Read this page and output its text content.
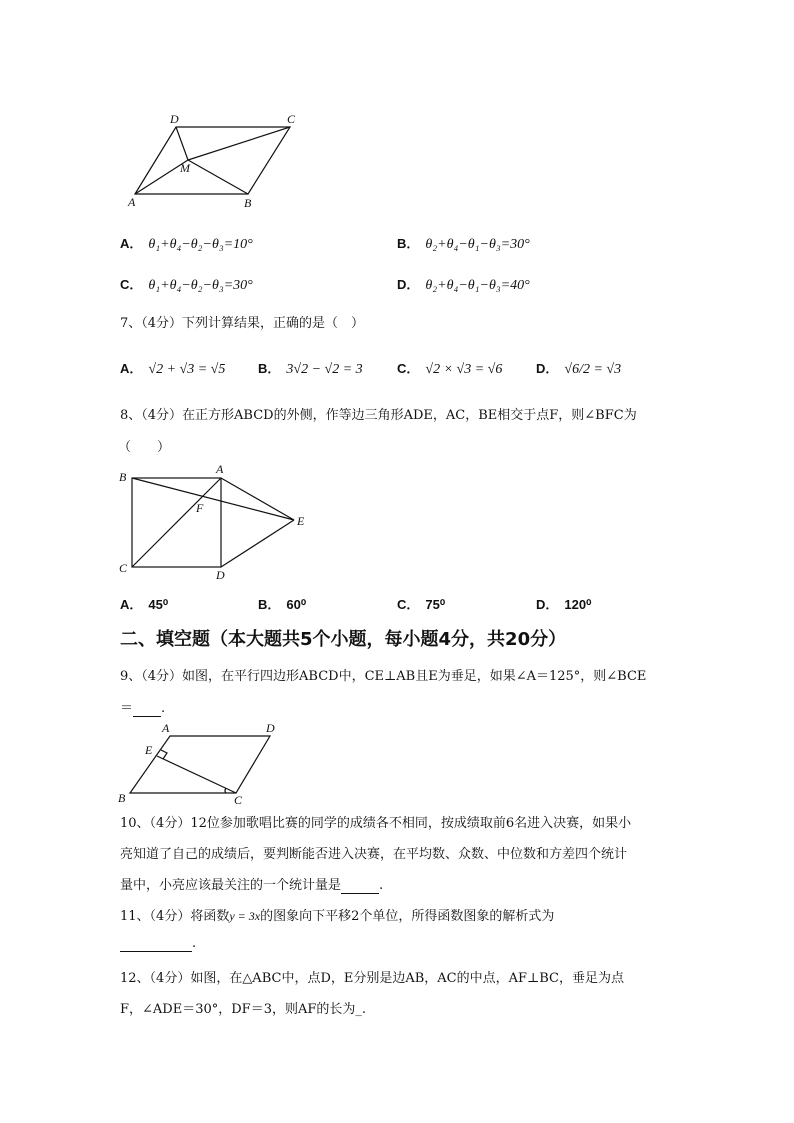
D	C
M
A	B
A． θ₁+θ₄−θ₂−θ₃=10°	B． θ₂+θ₄−θ₁−θ₃=30°
C． θ₁+θ₄−θ₂−θ₃=30°	D． θ₂+θ₄−θ₁−θ₃=40°
7、（4分）下列计算结果，正确的是（　）
A． √2 + √3 = √5	B． 3√2 − √2 = 3	C． √2 × √3 = √6	D． √6/2 = √3
8、（4分）在正方形ABCD的外侧，作等边三角形ADE，AC，BE相交于点F，则∠BFC为
（　　）
B
A
F
E
C	D
A． 45⁰	B． 60⁰	C． 75⁰	D． 120⁰
二、填空题（本大题共5个小题，每小题4分，共20分）
9、（4分）如图，在平行四边形ABCD中，CE⊥AB且E为垂足，如果∠A＝125°，则∠BCE
＝ .
A	D
E
B	C
10、（4分）12位参加歌唱比赛的同学的成绩各不相同，按成绩取前6名进入决赛，如果小
亮知道了自己的成绩后，要判断能否进入决赛，在平均数、众数、中位数和方差四个统计
量中，小亮应该最关注的一个统计量是	.
11、（4分）将函数y = 3x的图象向下平移2个单位，所得函数图象的解析式为
.
12、（4分）如图，在△ABC中，点D，E分别是边AB，AC的中点，AF⊥BC，垂足为点
F，∠ADE＝30°，DF＝3，则AF的长为_.
